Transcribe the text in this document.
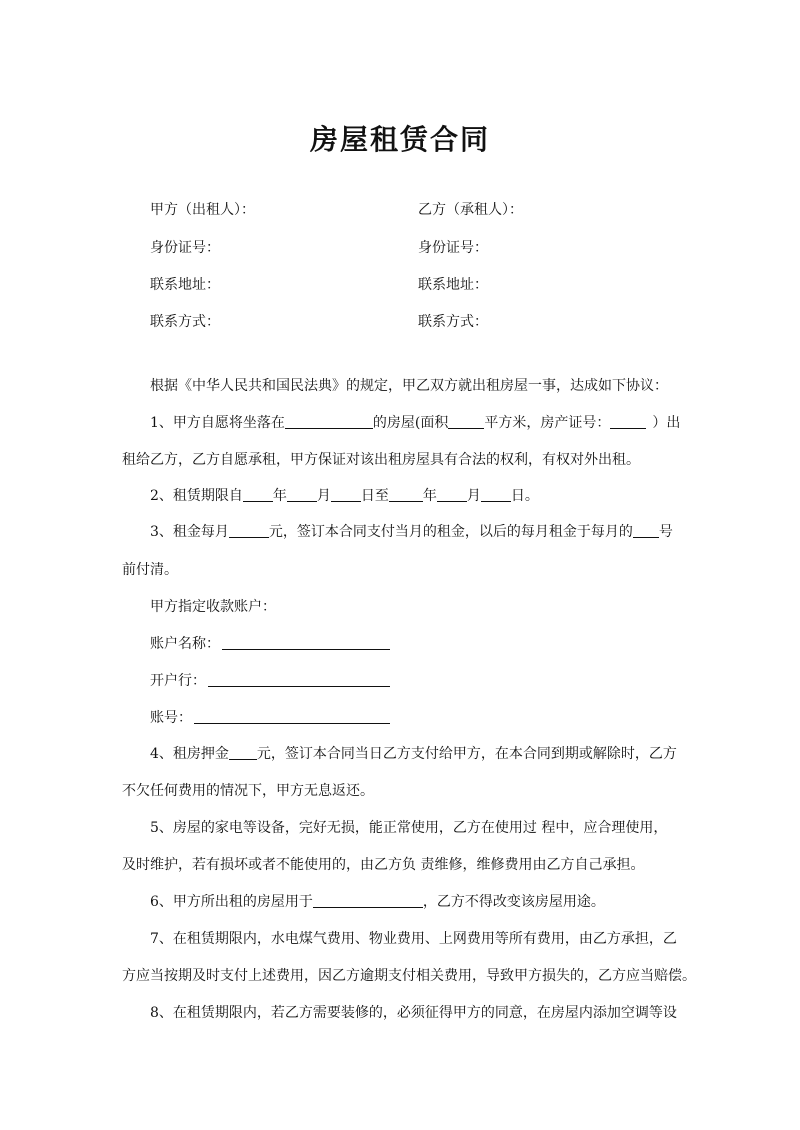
房屋租赁合同
甲方（出租人）：	乙方（承租人）：
身份证号：	身份证号：
联系地址：	联系地址：
联系方式：	联系方式：
根据《中华人民共和国民法典》的规定，甲乙双方就出租房屋一事，达成如下协议：
1、甲方自愿将坐落在	的房屋(面积	平方米，房产证号：	）出
租给乙方，乙方自愿承租，甲方保证对该出租房屋具有合法的权利，有权对外出租。
2、租赁期限自 年 月 日至 年 月 日。
3、租金每月	元，签订本合同支付当月的租金，以后的每月租金于每月的 号
前付清。
甲方指定收款账户：
账户名称：
开户行：
账号：
4、租房押金 元，签订本合同当日乙方支付给甲方，在本合同到期或解除时，乙方
不欠任何费用的情况下，甲方无息返还。
5、房屋的家电等设备，完好无损，能正常使用，乙方在使用过 程中，应合理使用，
及时维护，若有损坏或者不能使用的，由乙方负 责维修，维修费用由乙方自己承担。
6、甲方所出租的房屋用于	，乙方不得改变该房屋用途。
7、在租赁期限内，水电煤气费用、物业费用、上网费用等所有费用，由乙方承担，乙
方应当按期及时支付上述费用，因乙方逾期支付相关费用，导致甲方损失的，乙方应当赔偿。
8、在租赁期限内，若乙方需要装修的，必须征得甲方的同意，在房屋内添加空调等设
